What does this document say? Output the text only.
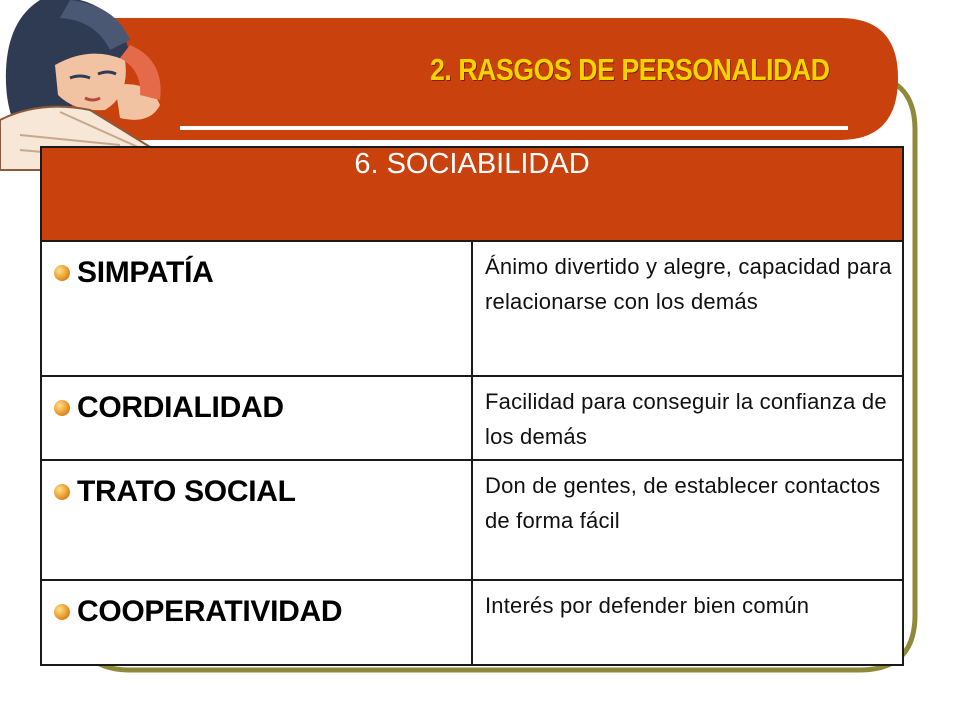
2. RASGOS DE PERSONALIDAD
6. SOCIABILIDAD	

SIMPATÍA	Ánimo divertido y alegre, capacidad para relacionarse con los demás

CORDIALIDAD	Facilidad para conseguir la confianza de los demás

TRATO SOCIAL	Don de gentes, de establecer contactos de forma fácil

COOPERATIVIDAD	Interés por defender bien común
